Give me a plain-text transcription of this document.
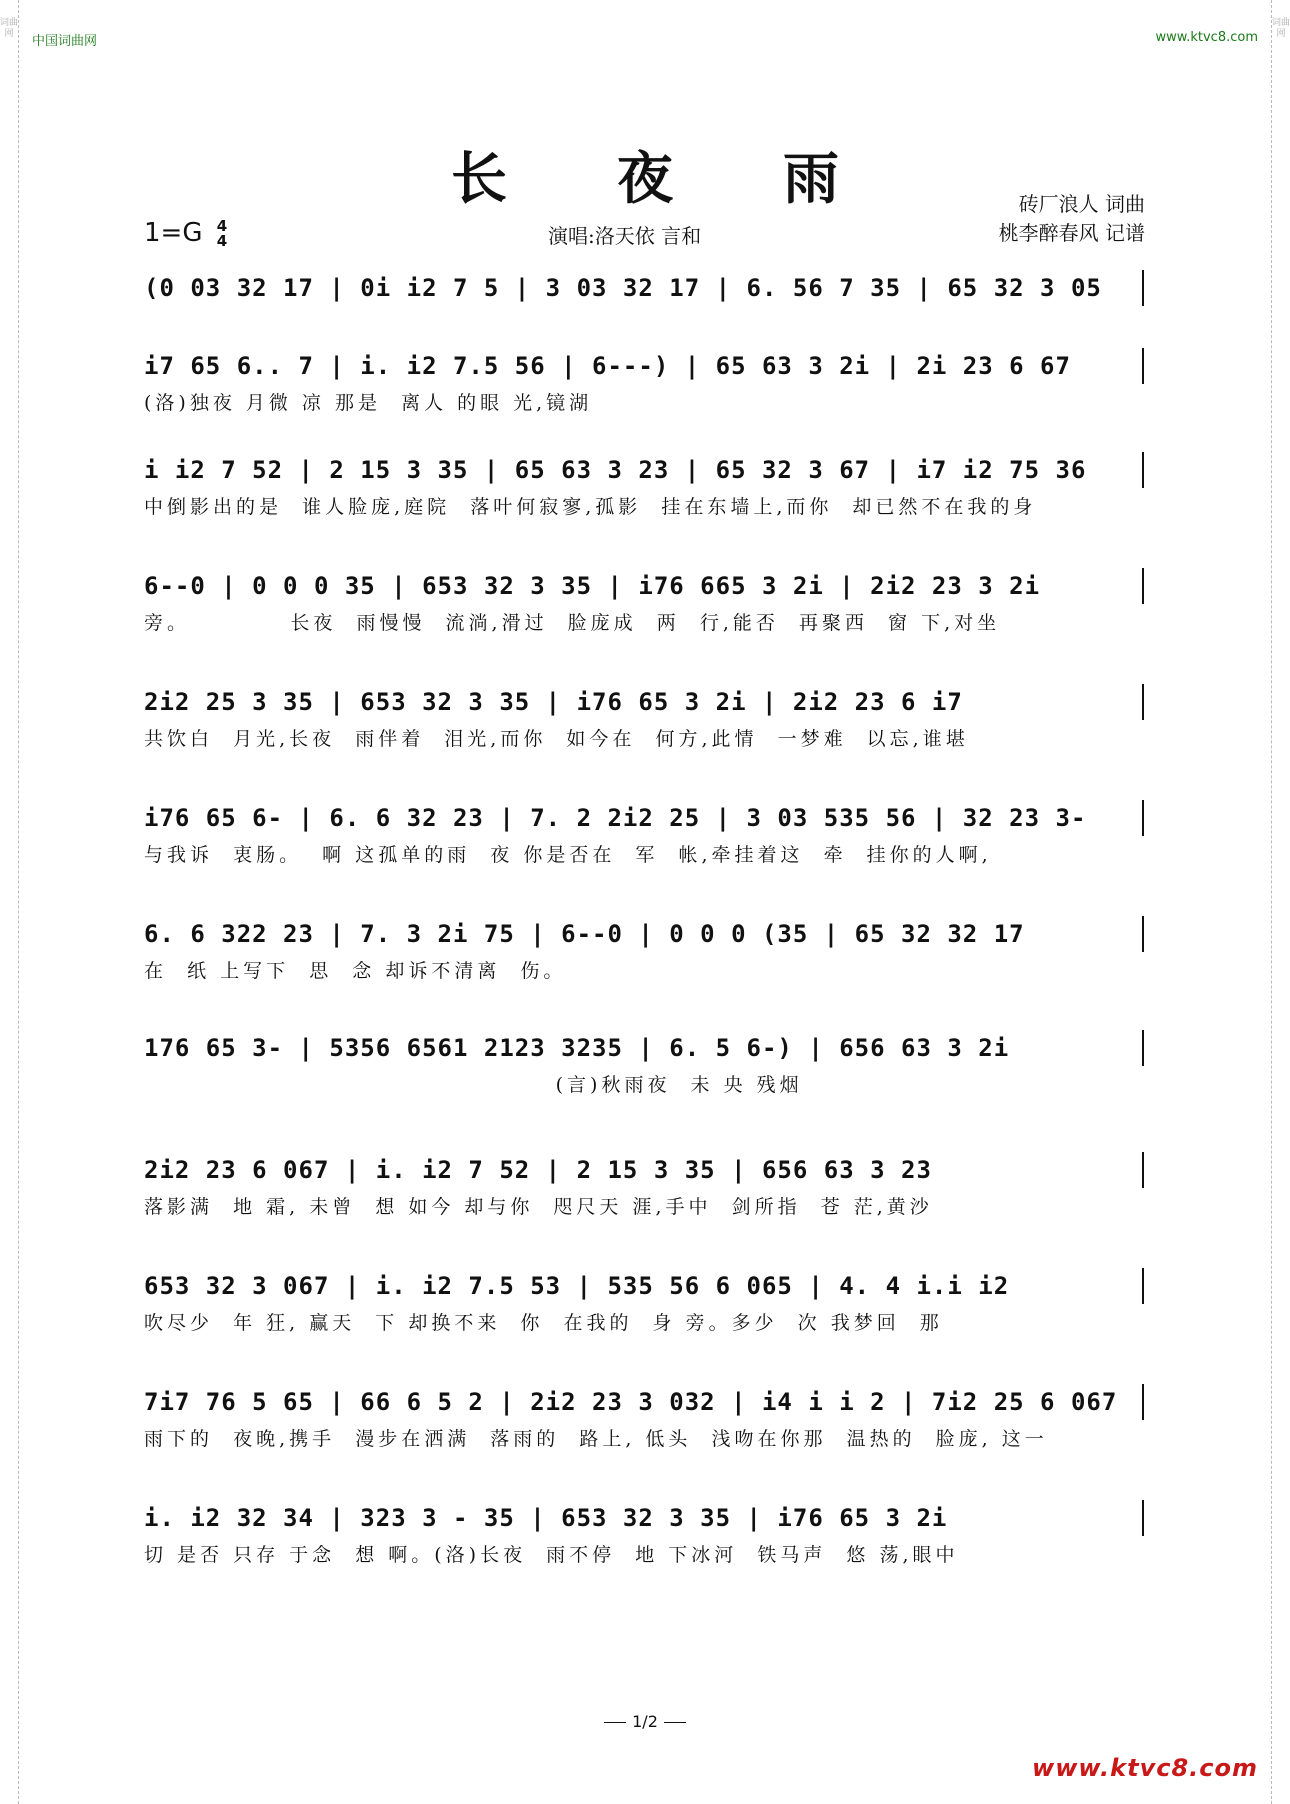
词曲网
词曲网
中国词曲网	www.ktvc8.com
长夜雨
1=G 4
4	演唱:洛天依 言和
砖厂浪人 词曲
桃李醉春风 记谱
(0 03 32 17 | 0i i2 7 5 | 3 03 32 17 | 6. 56 7 35 | 65 32 3 05
i7 65 6.. 7 | i. i2 7.5 56 | 6---) | 65 63 3 2i | 2i 23 6 67
(洛)独夜 月微 凉 那是  离人 的眼 光,镜湖
i i2 7 52 | 2 15 3 35 | 65 63 3 23 | 65 32 3 67 | i7 i2 75 36
中倒影出的是  谁人脸庞,庭院  落叶何寂寥,孤影  挂在东墙上,而你  却已然不在我的身
6--0 | 0 0 0 35 | 653 32 3 35 | i76 665 3 2i | 2i2 23 3 2i
旁。          长夜  雨慢慢  流淌,滑过  脸庞成  两  行,能否  再聚西  窗 下,对坐
2i2 25 3 35 | 653 32 3 35 | i76 65 3 2i | 2i2 23 6 i7
共饮白  月光,长夜  雨伴着  泪光,而你  如今在  何方,此情  一梦难  以忘,谁堪
i76 65 6- | 6. 6 32 23 | 7. 2 2i2 25 | 3 03 535 56 | 32 23 3-
与我诉  衷肠。  啊 这孤单的雨  夜 你是否在  军  帐,牵挂着这  牵  挂你的人啊,
6. 6 322 23 | 7. 3 2i 75 | 6--0 | 0 0 0 (35 | 65 32 32 17
在  纸 上写下  思  念 却诉不清离  伤。
176 65 3- | 5356 6561 2123 3235 | 6. 5 6-) | 656 63 3 2i
(言)秋雨夜  未 央 残烟
2i2 23 6 067 | i. i2 7 52 | 2 15 3 35 | 656 63 3 23
落影满  地 霜, 未曾  想 如今 却与你  咫尺天 涯,手中  剑所指  苍 茫,黄沙
653 32 3 067 | i. i2 7.5 53 | 535 56 6 065 | 4. 4 i.i i2
吹尽少  年 狂, 赢天  下 却换不来  你  在我的  身 旁。多少  次 我梦回  那
7i7 76 5 65 | 66 6 5 2 | 2i2 23 3 032 | i4 i i 2 | 7i2 25 6 067
雨下的  夜晚,携手  漫步在洒满  落雨的  路上, 低头  浅吻在你那  温热的  脸庞, 这一
i. i2 32 34 | 323 3 - 35 | 653 32 3 35 | i76 65 3 2i
切 是否 只存 于念  想 啊。(洛)长夜  雨不停  地 下冰河  铁马声  悠 荡,眼中
1/2
www.ktvc8.com
